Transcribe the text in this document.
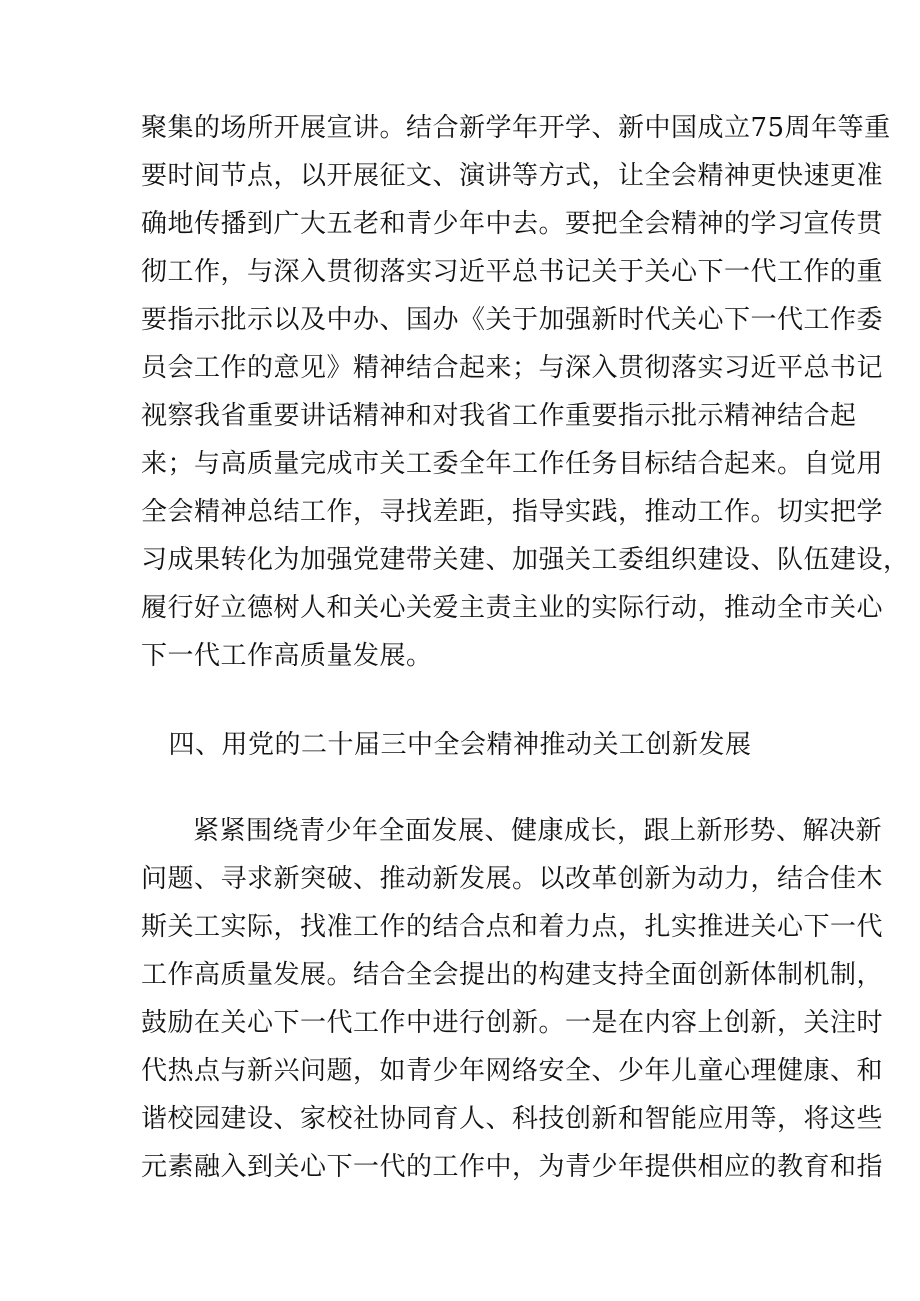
聚集的场所开展宣讲。结合新学年开学、新中国成立75周年等重
要时间节点，以开展征文、演讲等方式，让全会精神更快速更准
确地传播到广大五老和青少年中去。要把全会精神的学习宣传贯
彻工作，与深入贯彻落实习近平总书记关于关心下一代工作的重
要指示批示以及中办、国办《关于加强新时代关心下一代工作委
员会工作的意见》精神结合起来；与深入贯彻落实习近平总书记
视察我省重要讲话精神和对我省工作重要指示批示精神结合起
来；与高质量完成市关工委全年工作任务目标结合起来。自觉用
全会精神总结工作，寻找差距，指导实践，推动工作。切实把学
习成果转化为加强党建带关建、加强关工委组织建设、队伍建设，
履行好立德树人和关心关爱主责主业的实际行动，推动全市关心
下一代工作高质量发展。
四、用党的二十届三中全会精神推动关工创新发展
紧紧围绕青少年全面发展、健康成长，跟上新形势、解决新
问题、寻求新突破、推动新发展。以改革创新为动力，结合佳木
斯关工实际，找准工作的结合点和着力点，扎实推进关心下一代
工作高质量发展。结合全会提出的构建支持全面创新体制机制，
鼓励在关心下一代工作中进行创新。一是在内容上创新，关注时
代热点与新兴问题，如青少年网络安全、少年儿童心理健康、和
谐校园建设、家校社协同育人、科技创新和智能应用等，将这些
元素融入到关心下一代的工作中，为青少年提供相应的教育和指
